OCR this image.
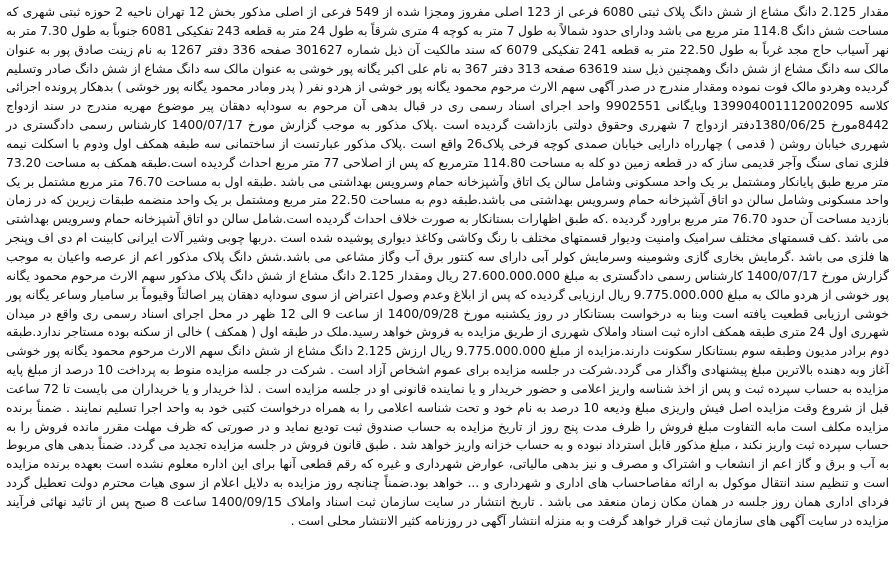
مقدار 2.125 دانگ مشاع از شش دانگ پلاک ثبتی 6080 فرعی از 123 اصلی مفروز ومجزا شده از 549 فرعی از اصلی مذکور بخش 12 تهران ناحیه 2 حوزه ثبتی شهری که مساحت شش دانگ 114.8 متر مربع می باشد ودارای حدود شمالاً به طول 7 متر به کوچه 4 متری شرقاً به طول 24 متر به قطعه 243 تفکیکی 6081 جنوباً به طول 7.30 متر به نهر آسیاب حاج مجد غرباً به طول 22.50 متر به قطعه 241 تفکیکی 6079 که سند مالکیت آن ذیل شماره 301627 صفحه 336 دفتر 1267 به نام زینت صادق پور به عنوان مالک سه دانگ مشاع از شش دانگ وهمچنین ذیل سند 63619 صفحه 313 دفتر 367 به نام علی اکبر یگانه پور خوشی به عنوان مالک سه دانگ مشاع از شش دانگ صادر وتسلیم گردیده وهردو مالک فوت نموده ومقدار مندرج در صدر آگهی سهم الارث مرحوم محمود یگانه پور خوشی از هردو نفر ( پدر ومادر محمود یگانه پور خوشی ) بدهکار پرونده اجرائی کلاسه 139904001112002095 وبایگانی 9902551 واحد اجرای اسناد رسمی ری در قبال بدهی آن مرحوم به سوداپه دهقان پیر موضوع مهریه مندرج در سند ازدواج 8442مورخ 1380/06/25دفتر ازدواج 7 شهرری وحقوق دولتی بازداشت گردیده است .پلاک مذکور به موجب گزارش مورخ 1400/07/17 کارشناس رسمی دادگستری در شهرری خیابان روشن ( قدمی ) چهارراه دارایی خیابان صمدی کوچه فرخی پلاک26 واقع است .پلاک مذکور عبارتست از ساختمانی سه طبقه همکف اول ودوم با اسکلت نیمه فلزی نمای سنگ وآجر قدیمی ساز که در قطعه زمین دو کله به مساحت 114.80 مترمربع که پس از اصلاحی 77 متر مربع احداث گردیده است.طبقه همکف به مساحت 73.20 متر مربع طبق پایانکار ومشتمل بر یک واحد مسکونی وشامل سالن یک اتاق وآشپزخانه حمام وسرویس بهداشتی می باشد .طبقه اول به مساحت 76.70 متر مربع مشتمل بر یک واحد مسکونی وشامل سالن دو اتاق آشپزخانه حمام وسرویس بهداشتی می باشد.طبقه دوم به مساحت 22.50 متر مربع ومشتمل بر یک واحد منضمه طبقات زیرین که در زمان بازدید مساحت آن حدود 76.70 متر مربع براورد گردیده .که طبق اظهارات بستانکار به صورت خلاف احداث گردیده است.شامل سالن دو اتاق آشپزخانه حمام وسرویس بهداشتی می باشد .کف قسمتهای مختلف سرامیک وامنیت ودیوار قسمتهای مختلف با رنگ وکاشی وکاغذ دیواری پوشیده شده است .دربها چوبی وشیر آلات ایرانی کابینت ام دی اف وپنجر ها فلزی می باشد .گرمایش بخاری گازی وشومینه وسرمایش کولر آبی دارای سه کنتور برق آب وگاز مشاعی می باشد.شش دانگ پلاک مذکور اعم از عرصه واعیان به موجب گزارش مورخ 1400/07/17 کارشناس رسمی دادگستری به مبلغ 27.600.000.000 ریال ومقدار 2.125 دانگ مشاع از شش دانگ پلاک مذکور سهم الارث مرحوم محمود یگانه پور خوشی از هردو مالک به مبلغ 9.775.000.000 ریال ارزیابی گردیده که پس از ابلاغ وعدم وصول اعتراض از سوی سوداپه دهقان پیر اصالتاً وقیوماً بر سامیار وساعر یگانه پور خوشی ارزیابی قطعیت یافته است وبنا به درخواست بستانکار در روز یکشنبه مورخ 1400/09/28 از ساعت 9 الی 12 ظهر در محل اجرای اسناد رسمی ری واقع در میدان شهرری اول 24 متری طبقه همکف اداره ثبت اسناد واملاک شهرری از طریق مزایده به فروش خواهد رسید.ملک در طبقه اول ( همکف ) خالی از سکنه بوده مستاجر ندارد.طبقه دوم برادر مدیون وطبقه سوم بستانکار سکونت دارند.مزایده از مبلغ 9.775.000.000 ریال ارزش 2.125 دانگ مشاع از شش دانگ سهم الارث مرحوم محمود یگانه پور خوشی آغاز وبه دهنده بالاترین مبلغ پیشنهادی واگذار می گردد.شرکت در جلسه مزایده برای عموم اشخاص آزاد است . شرکت در جلسه مزایده منوط به پرداخت 10 درصد از مبلغ پایه مزایده به حساب سپرده ثبت و پس از اخذ شناسه واریز اعلامی و حضور خریدار و یا نماینده قانونی او در جلسه مزایده است . لذا خریدار و یا خریداران می بایست تا 72 ساعت قبل از شروع وقت مزایده اصل فیش واریزی مبلغ ودیعه 10 درصد به نام خود و تحت شناسه اعلامی را به همراه درخواست کتبی خود به واحد اجرا تسلیم نمایند . ضمناً برنده مزایده مکلف است مابه التفاوت مبلغ فروش را ظرف مدت پنج روز از تاریخ مزایده به حساب صندوق ثبت تودیع نماید و در صورتی که ظرف مهلت مقرر مانده فروش را به حساب سپرده ثبت واریز نکند ، مبلغ مذکور قابل استرداد نبوده و به حساب خزانه واریز خواهد شد . طبق قانون فروش در جلسه مزایده تجدید می گردد. ضمناً بدهی های مربوط به آب و برق و گاز اعم از انشعاب و اشتراک و مصرف و نیز بدهی مالیاتی، عوارض شهرداری و غیره که رقم قطعی آنها برای این اداره معلوم نشده است بعهده برنده مزایده است و تنظیم سند انتقال موکول به ارائه مفاصاحساب های اداری و شهرداری و ... خواهد بود.ضمناً چنانچه روز مزایده به دلایل اعلام از سوی هیات محترم دولت تعطیل گردد فردای اداری همان روز جلسه در همان مکان زمان منعقد می باشد . تاریخ انتشار در سایت سازمان ثبت اسناد واملاک 1400/09/15 ساعت 8 صبح پس از تائید نهائی فرآیند مزایده در سایت آگهی های سازمان ثبت قرار خواهد گرفت و به منزله انتشار آگهی در روزنامه کثیر الانتشار محلی است .
